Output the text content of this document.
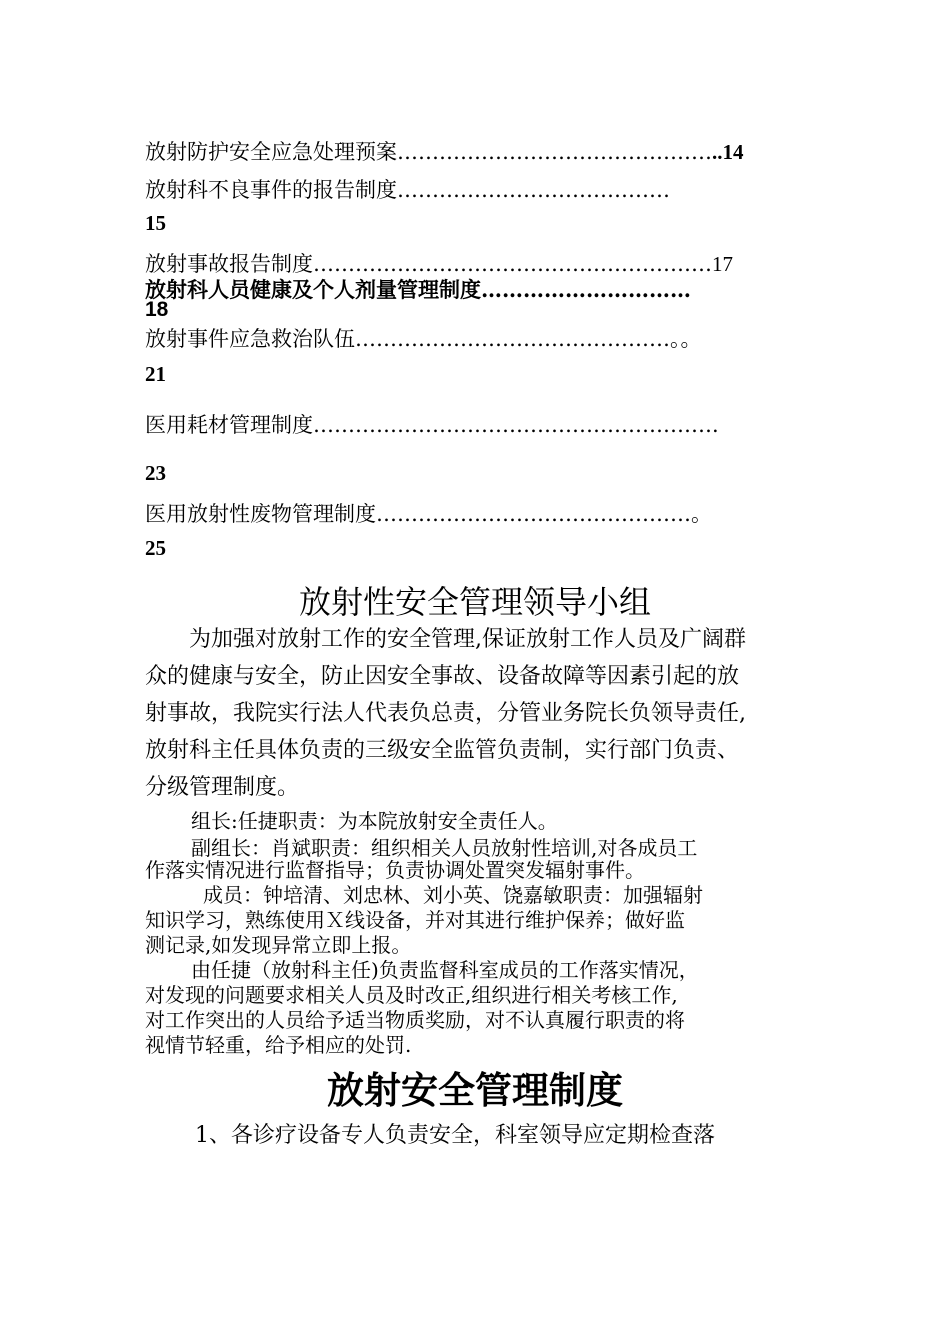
放射防护安全应急处理预案………………………………………..14
放射科不良事件的报告制度…………………………………
15
放射事故报告制度…………………………………………………17
放射科人员健康及个人剂量管理制度…………………………
18
放射事件应急救治队伍………………………………………。。
21
医用耗材管理制度………………………………………………….
23
医用放射性废物管理制度………………………………………。
25
放射性安全管理领导小组
为加强对放射工作的安全管理,保证放射工作人员及广阔群
众的健康与安全，防止因安全事故、设备故障等因素引起的放
射事故，我院实行法人代表负总责，分管业务院长负领导责任,
放射科主任具体负责的三级安全监管负责制，实行部门负责、
分级管理制度。
组长:任捷职责：为本院放射安全责任人。
副组长：肖斌职责：组织相关人员放射性培训,对各成员工
作落实情况进行监督指导；负责协调处置突发辐射事件。
成员：钟培清、刘忠林、刘小英、饶嘉敏职责：加强辐射
知识学习，熟练使用Ｘ线设备，并对其进行维护保养；做好监
测记录,如发现异常立即上报。
由任捷（放射科主任)负责监督科室成员的工作落实情况，
对发现的问题要求相关人员及时改正,组织进行相关考核工作,
对工作突出的人员给予适当物质奖励，对不认真履行职责的将
视情节轻重，给予相应的处罚.
放射安全管理制度
1、各诊疗设备专人负责安全，科室领导应定期检查落
